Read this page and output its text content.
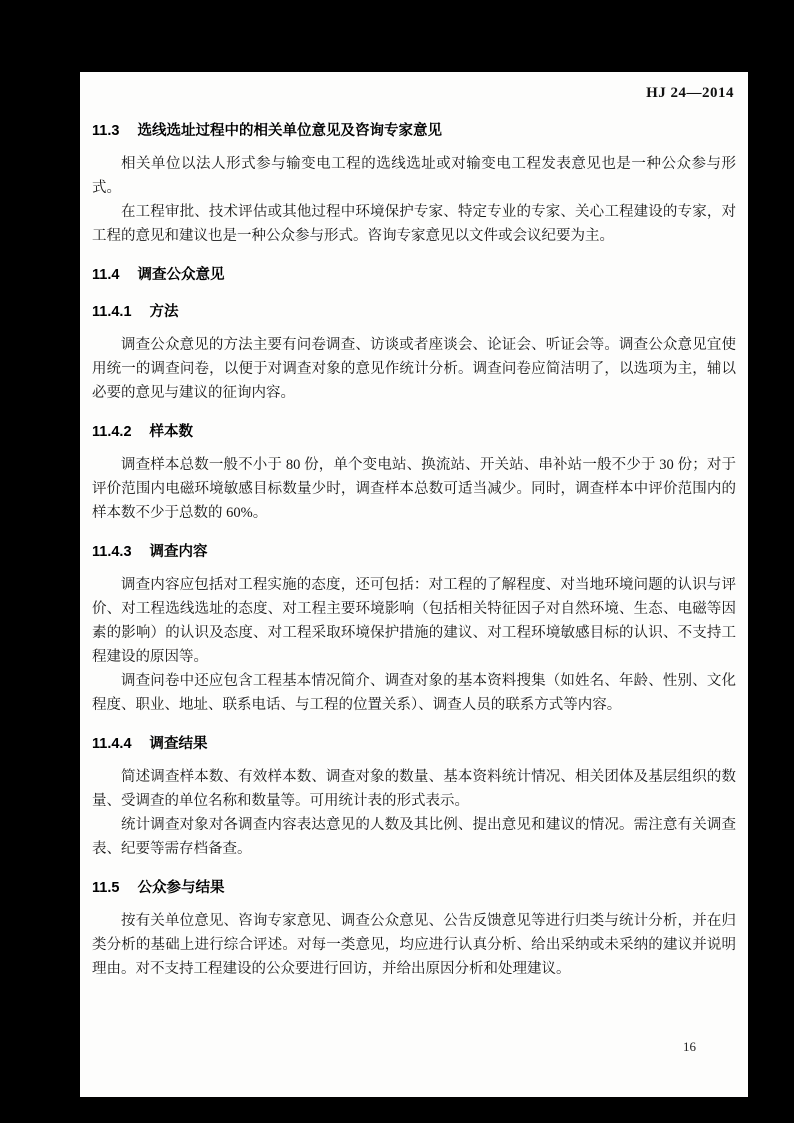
HJ 24—2014
11.3 选线选址过程中的相关单位意见及咨询专家意见

相关单位以法人形式参与输变电工程的选线选址或对输变电工程发表意见也是一种公众参与形式。

在工程审批、技术评估或其他过程中环境保护专家、特定专业的专家、关心工程建设的专家，对工程的意见和建议也是一种公众参与形式。咨询专家意见以文件或会议纪要为主。

11.4 调查公众意见
11.4.1 方法

调查公众意见的方法主要有问卷调查、访谈或者座谈会、论证会、听证会等。调查公众意见宜使用统一的调查问卷，以便于对调查对象的意见作统计分析。调查问卷应简洁明了，以选项为主，辅以必要的意见与建议的征询内容。

11.4.2 样本数

调查样本总数一般不小于 80 份，单个变电站、换流站、开关站、串补站一般不少于 30 份；对于评价范围内电磁环境敏感目标数量少时，调查样本总数可适当减少。同时，调查样本中评价范围内的样本数不少于总数的 60%。

11.4.3 调查内容

调查内容应包括对工程实施的态度，还可包括：对工程的了解程度、对当地环境问题的认识与评价、对工程选线选址的态度、对工程主要环境影响（包括相关特征因子对自然环境、生态、电磁等因素的影响）的认识及态度、对工程采取环境保护措施的建议、对工程环境敏感目标的认识、不支持工程建设的原因等。

调查问卷中还应包含工程基本情况简介、调查对象的基本资料搜集（如姓名、年龄、性别、文化程度、职业、地址、联系电话、与工程的位置关系）、调查人员的联系方式等内容。

11.4.4 调查结果

简述调查样本数、有效样本数、调查对象的数量、基本资料统计情况、相关团体及基层组织的数量、受调查的单位名称和数量等。可用统计表的形式表示。

统计调查对象对各调查内容表达意见的人数及其比例、提出意见和建议的情况。需注意有关调查表、纪要等需存档备查。

11.5 公众参与结果

按有关单位意见、咨询专家意见、调查公众意见、公告反馈意见等进行归类与统计分析，并在归类分析的基础上进行综合评述。对每一类意见，均应进行认真分析、给出采纳或未采纳的建议并说明理由。对不支持工程建设的公众要进行回访，并给出原因分析和处理建议。

16
